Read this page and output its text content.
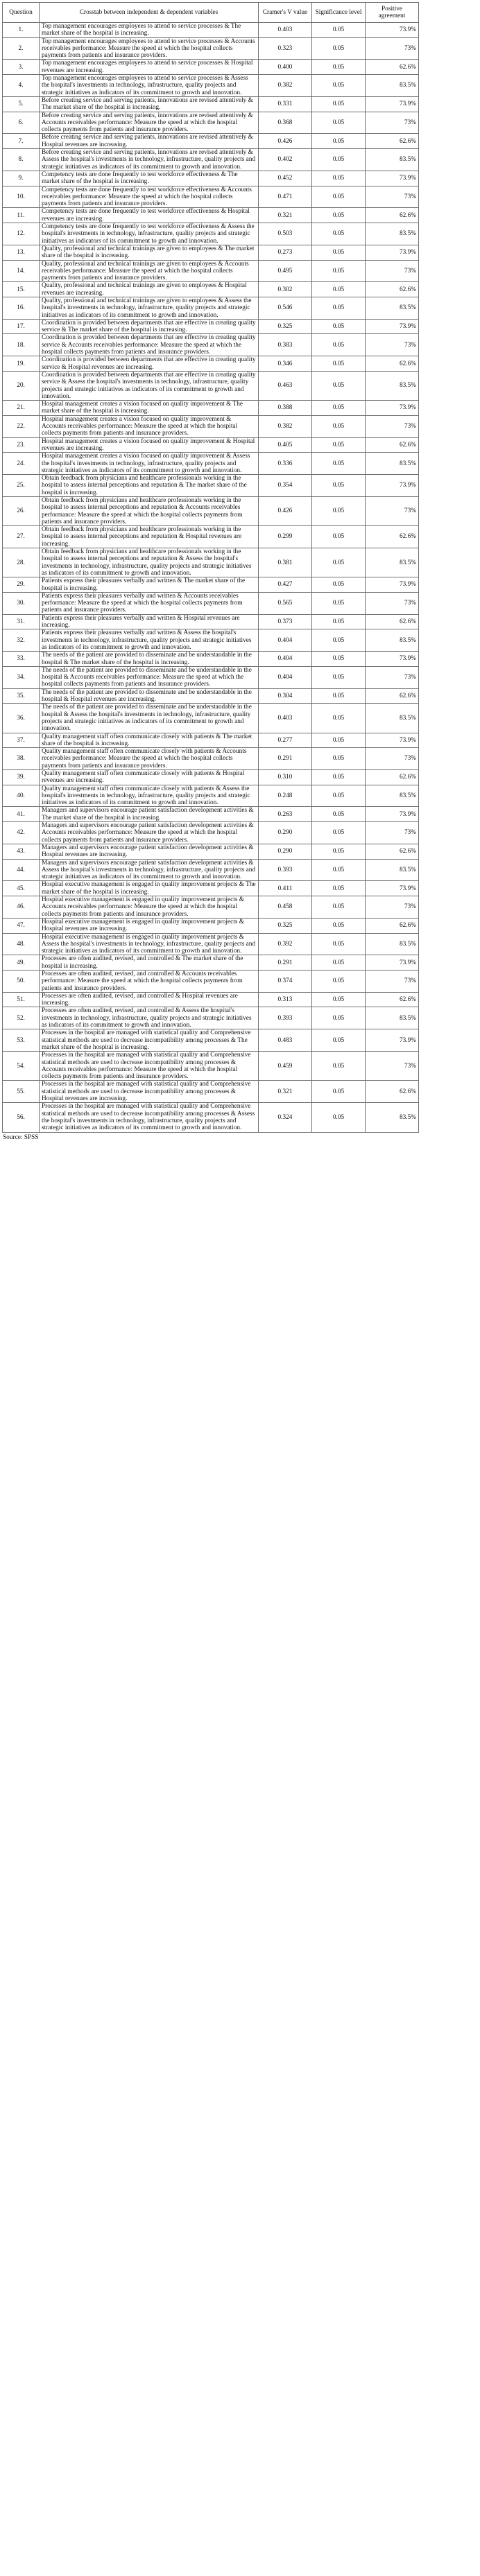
Question	Crosstab between independent & dependent variables	Cramer's V value	Significance level	Positive agreement
1.	Top management encourages employees to attend to service processes & The market share of the hospital is increasing.	0.403	0.05	73.9%
2.	Top management encourages employees to attend to service processes & Accounts receivables performance: Measure the speed at which the hospital collects payments from patients and insurance providers.	0.323	0.05	73%
3.	Top management encourages employees to attend to service processes & Hospital revenues are increasing.	0.400	0.05	62.6%
4.	Top management encourages employees to attend to service processes & Assess the hospital's investments in technology, infrastructure, quality projects and strategic initiatives as indicators of its commitment to growth and innovation.	0.382	0.05	83.5%
5.	Before creating service and serving patients, innovations are revised attentively & The market share of the hospital is increasing.	0.331	0.05	73.9%
6.	Before creating service and serving patients, innovations are revised attentively & Accounts receivables performance: Measure the speed at which the hospital collects payments from patients and insurance providers.	0.368	0.05	73%
7.	Before creating service and serving patients, innovations are revised attentively & Hospital revenues are increasing.	0.426	0.05	62.6%
8.	Before creating service and serving patients, innovations are revised attentively & Assess the hospital's investments in technology, infrastructure, quality projects and strategic initiatives as indicators of its commitment to growth and innovation.	0.402	0.05	83.5%
9.	Competency tests are done frequently to test workforce effectiveness & The market share of the hospital is increasing.	0.452	0.05	73.9%
10.	Competency tests are done frequently to test workforce effectiveness & Accounts receivables performance: Measure the speed at which the hospital collects payments from patients and insurance providers.	0.471	0.05	73%
11.	Competency tests are done frequently to test workforce effectiveness & Hospital revenues are increasing.	0.321	0.05	62.6%
12.	Competency tests are done frequently to test workforce effectiveness & Assess the hospital's investments in technology, infrastructure, quality projects and strategic initiatives as indicators of its commitment to growth and innovation.	0.503	0.05	83.5%
13.	Quality, professional and technical trainings are given to employees & The market share of the hospital is increasing.	0.273	0.05	73.9%
14.	Quality, professional and technical trainings are given to employees & Accounts receivables performance: Measure the speed at which the hospital collects payments from patients and insurance providers.	0.495	0.05	73%
15.	Quality, professional and technical trainings are given to employees & Hospital revenues are increasing.	0.302	0.05	62.6%
16.	Quality, professional and technical trainings are given to employees & Assess the hospital's investments in technology, infrastructure, quality projects and strategic initiatives as indicators of its commitment to growth and innovation.	0.546	0.05	83.5%
17.	Coordination is provided between departments that are effective in creating quality service & The market share of the hospital is increasing.	0.325	0.05	73.9%
18.	Coordination is provided between departments that are effective in creating quality service & Accounts receivables performance: Measure the speed at which the hospital collects payments from patients and insurance providers.	0.383	0.05	73%
19.	Coordination is provided between departments that are effective in creating quality service & Hospital revenues are increasing.	0.346	0.05	62.6%
20.	Coordination is provided between departments that are effective in creating quality service & Assess the hospital's investments in technology, infrastructure, quality projects and strategic initiatives as indicators of its commitment to growth and innovation.	0.463	0.05	83.5%
21.	Hospital management creates a vision focused on quality improvement & The market share of the hospital is increasing.	0.388	0.05	73.9%
22.	Hospital management creates a vision focused on quality improvement & Accounts receivables performance: Measure the speed at which the hospital collects payments from patients and insurance providers.	0.382	0.05	73%
23.	Hospital management creates a vision focused on quality improvement & Hospital revenues are increasing.	0.405	0.05	62.6%
24.	Hospital management creates a vision focused on quality improvement & Assess the hospital's investments in technology, infrastructure, quality projects and strategic initiatives as indicators of its commitment to growth and innovation.	0.336	0.05	83.5%
25.	Obtain feedback from physicians and healthcare professionals working in the hospital to assess internal perceptions and reputation & The market share of the hospital is increasing.	0.354	0.05	73.9%
26.	Obtain feedback from physicians and healthcare professionals working in the hospital to assess internal perceptions and reputation & Accounts receivables performance: Measure the speed at which the hospital collects payments from patients and insurance providers.	0.426	0.05	73%
27.	Obtain feedback from physicians and healthcare professionals working in the hospital to assess internal perceptions and reputation & Hospital revenues are increasing.	0.299	0.05	62.6%
28.	Obtain feedback from physicians and healthcare professionals working in the hospital to assess internal perceptions and reputation & Assess the hospital's investments in technology, infrastructure, quality projects and strategic initiatives as indicators of its commitment to growth and innovation.	0.381	0.05	83.5%
29.	Patients express their pleasures verbally and written & The market share of the hospital is increasing.	0.427	0.05	73.9%
30.	Patients express their pleasures verbally and written & Accounts receivables performance: Measure the speed at which the hospital collects payments from patients and insurance providers.	0.565	0.05	73%
31.	Patients express their pleasures verbally and written & Hospital revenues are increasing.	0.373	0.05	62.6%
32.	Patients express their pleasures verbally and written & Assess the hospital's investments in technology, infrastructure, quality projects and strategic initiatives as indicators of its commitment to growth and innovation.	0.404	0.05	83.5%
33.	The needs of the patient are provided to disseminate and be understandable in the hospital & The market share of the hospital is increasing.	0.404	0.05	73.9%
34.	The needs of the patient are provided to disseminate and be understandable in the hospital & Accounts receivables performance: Measure the speed at which the hospital collects payments from patients and insurance providers.	0.404	0.05	73%
35.	The needs of the patient are provided to disseminate and be understandable in the hospital & Hospital revenues are increasing.	0.304	0.05	62.6%
36.	The needs of the patient are provided to disseminate and be understandable in the hospital & Assess the hospital's investments in technology, infrastructure, quality projects and strategic initiatives as indicators of its commitment to growth and innovation.	0.403	0.05	83.5%
37.	Quality management staff often communicate closely with patients & The market share of the hospital is increasing.	0.277	0.05	73.9%
38.	Quality management staff often communicate closely with patients & Accounts receivables performance: Measure the speed at which the hospital collects payments from patients and insurance providers.	0.291	0.05	73%
39.	Quality management staff often communicate closely with patients & Hospital revenues are increasing.	0.310	0.05	62.6%
40.	Quality management staff often communicate closely with patients & Assess the hospital's investments in technology, infrastructure, quality projects and strategic initiatives as indicators of its commitment to growth and innovation.	0.248	0.05	83.5%
41.	Managers and supervisors encourage patient satisfaction development activities & The market share of the hospital is increasing.	0.263	0.05	73.9%
42.	Managers and supervisors encourage patient satisfaction development activities & Accounts receivables performance: Measure the speed at which the hospital collects payments from patients and insurance providers.	0.290	0.05	73%
43.	Managers and supervisors encourage patient satisfaction development activities & Hospital revenues are increasing.	0.290	0.05	62.6%
44.	Managers and supervisors encourage patient satisfaction development activities & Assess the hospital's investments in technology, infrastructure, quality projects and strategic initiatives as indicators of its commitment to growth and innovation.	0.393	0.05	83.5%
45.	Hospital executive management is engaged in quality improvement projects & The market share of the hospital is increasing.	0.411	0.05	73.9%
46.	Hospital executive management is engaged in quality improvement projects & Accounts receivables performance: Measure the speed at which the hospital collects payments from patients and insurance providers.	0.458	0.05	73%
47.	Hospital executive management is engaged in quality improvement projects & Hospital revenues are increasing.	0.325	0.05	62.6%
48.	Hospital executive management is engaged in quality improvement projects & Assess the hospital's investments in technology, infrastructure, quality projects and strategic initiatives as indicators of its commitment to growth and innovation.	0.392	0.05	83.5%
49.	Processes are often audited, revised, and controlled & The market share of the hospital is increasing.	0.291	0.05	73.9%
50.	Processes are often audited, revised, and controlled & Accounts receivables performance: Measure the speed at which the hospital collects payments from patients and insurance providers.	0.374	0.05	73%
51.	Processes are often audited, revised, and controlled & Hospital revenues are increasing.	0.313	0.05	62.6%
52.	Processes are often audited, revised, and controlled & Assess the hospital's investments in technology, infrastructure, quality projects and strategic initiatives as indicators of its commitment to growth and innovation.	0.393	0.05	83.5%
53.	Processes in the hospital are managed with statistical quality and Comprehensive statistical methods are used to decrease incompatibility among processes & The market share of the hospital is increasing.	0.483	0.05	73.9%
54.	Processes in the hospital are managed with statistical quality and Comprehensive statistical methods are used to decrease incompatibility among processes & Accounts receivables performance: Measure the speed at which the hospital collects payments from patients and insurance providers.	0.459	0.05	73%
55.	Processes in the hospital are managed with statistical quality and Comprehensive statistical methods are used to decrease incompatibility among processes & Hospital revenues are increasing.	0.321	0.05	62.6%
56.	Processes in the hospital are managed with statistical quality and Comprehensive statistical methods are used to decrease incompatibility among processes & Assess the hospital's investments in technology, infrastructure, quality projects and strategic initiatives as indicators of its commitment to growth and innovation.	0.324	0.05	83.5%
Source: SPSS
